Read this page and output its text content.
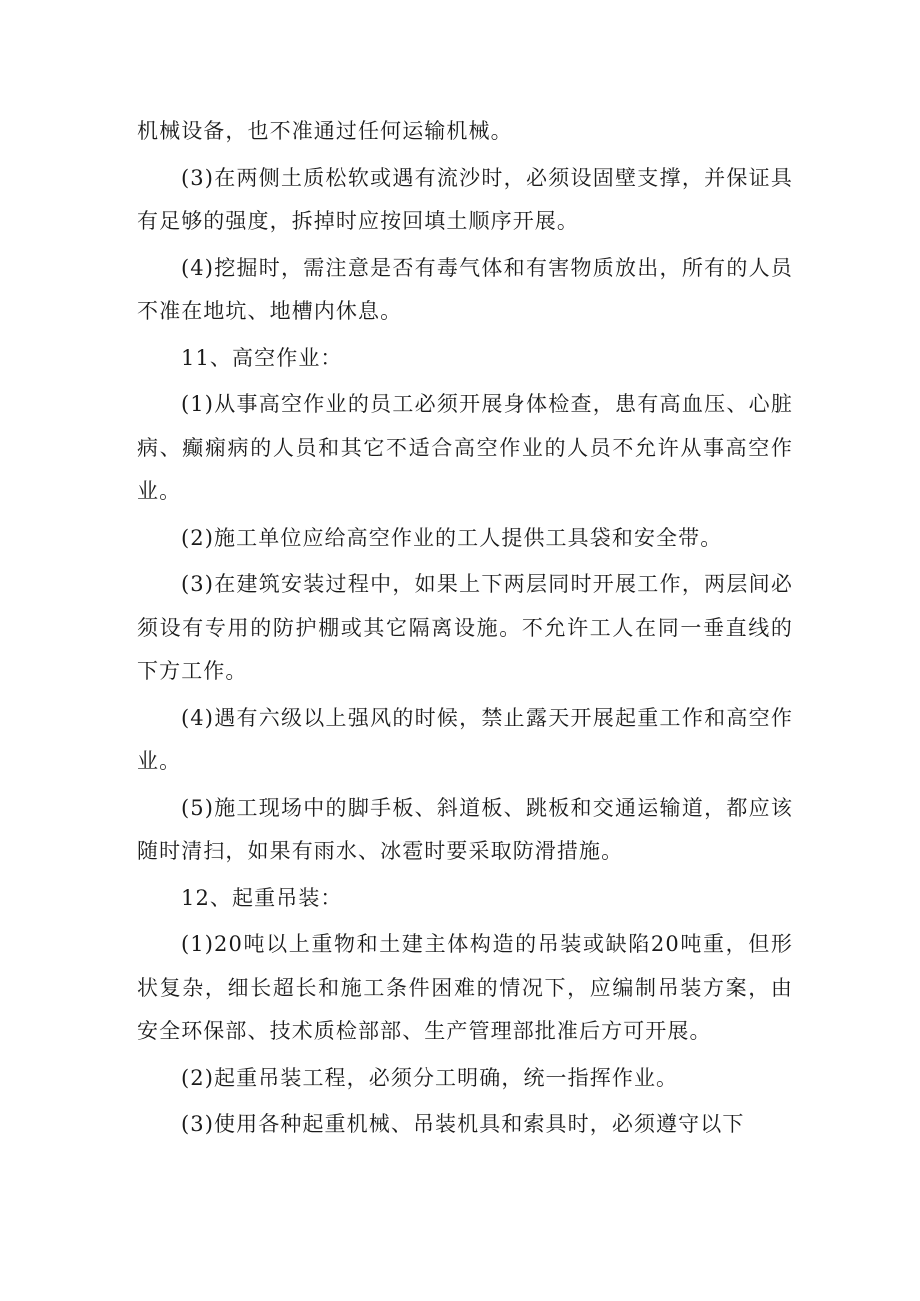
机械设备，也不准通过任何运输机械。

(3)在两侧土质松软或遇有流沙时，必须设固壁支撑，并保证具有足够的强度，拆掉时应按回填土顺序开展。

(4)挖掘时，需注意是否有毒气体和有害物质放出，所有的人员不准在地坑、地槽内休息。

11、高空作业：

(1)从事高空作业的员工必须开展身体检查，患有高血压、心脏病、癫痫病的人员和其它不适合高空作业的人员不允许从事高空作业。

(2)施工单位应给高空作业的工人提供工具袋和安全带。

(3)在建筑安装过程中，如果上下两层同时开展工作，两层间必须设有专用的防护棚或其它隔离设施。不允许工人在同一垂直线的下方工作。

(4)遇有六级以上强风的时候，禁止露天开展起重工作和高空作业。

(5)施工现场中的脚手板、斜道板、跳板和交通运输道，都应该随时清扫，如果有雨水、冰雹时要采取防滑措施。

12、起重吊装：

(1)20吨以上重物和土建主体构造的吊装或缺陷20吨重，但形状复杂，细长超长和施工条件困难的情况下，应编制吊装方案，由安全环保部、技术质检部部、生产管理部批准后方可开展。

(2)起重吊装工程，必须分工明确，统一指挥作业。

(3)使用各种起重机械、吊装机具和索具时，必须遵守以下
